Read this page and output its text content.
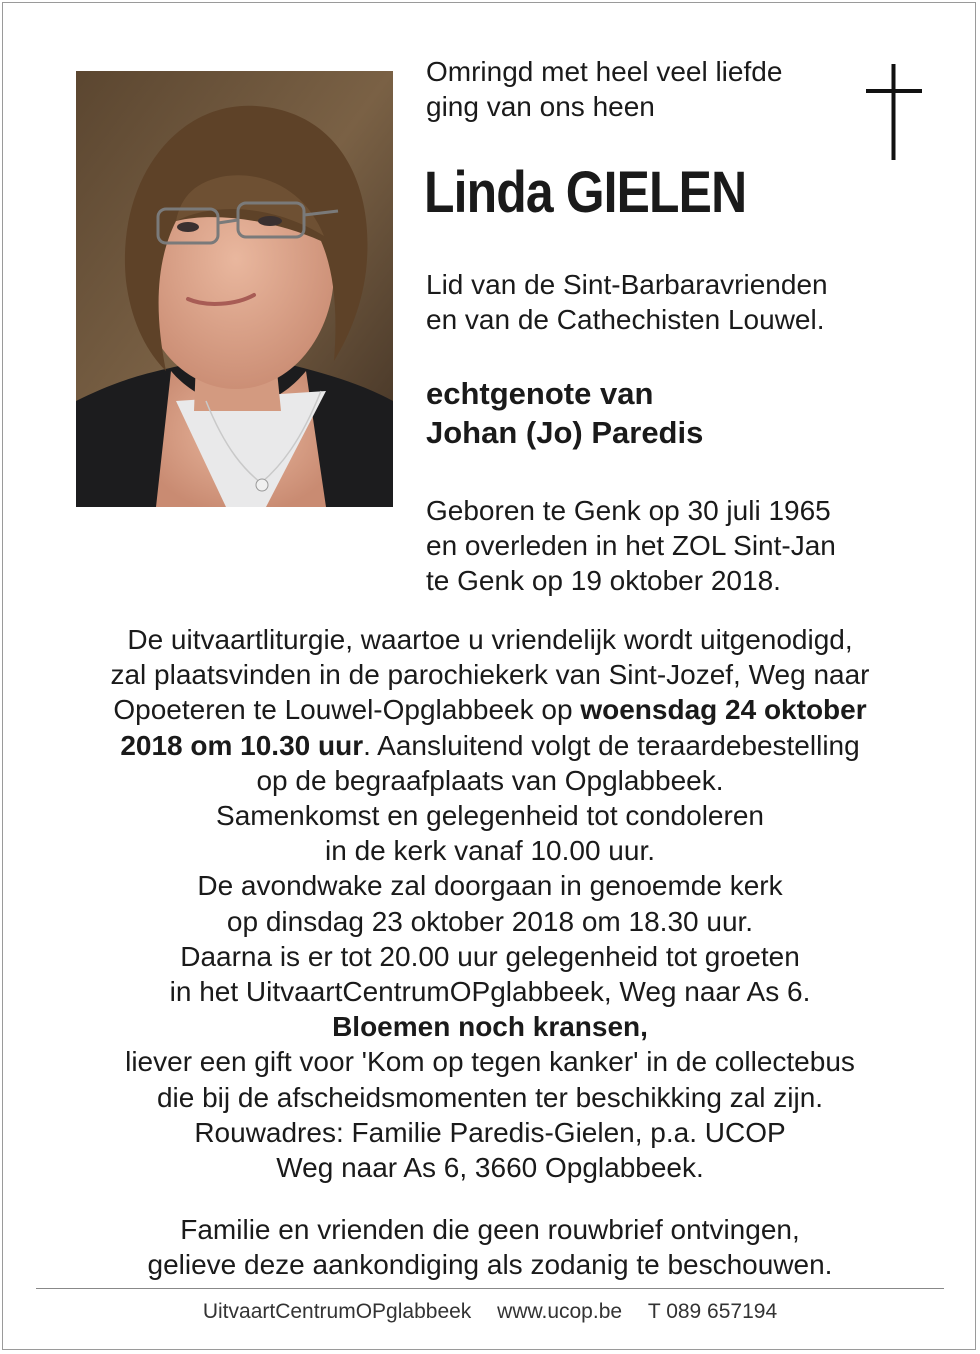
Omringd met heel veel liefde
ging van ons heen
Linda GIELEN
Lid van de Sint-Barbaravrienden
en van de Cathechisten Louwel.
echtgenote van
Johan (Jo) Paredis
Geboren te Genk op 30 juli 1965
en overleden in het ZOL Sint-Jan
te Genk op 19 oktober 2018.
De uitvaartliturgie, waartoe u vriendelijk wordt uitgenodigd,
zal plaatsvinden in de parochiekerk van Sint-Jozef, Weg naar
Opoeteren te Louwel-Opglabbeek op woensdag 24 oktober
2018 om 10.30 uur. Aansluitend volgt de teraardebestelling
op de begraafplaats van Opglabbeek.
Samenkomst en gelegenheid tot condoleren
in de kerk vanaf 10.00 uur.
De avondwake zal doorgaan in genoemde kerk
op dinsdag 23 oktober 2018 om 18.30 uur.
Daarna is er tot 20.00 uur gelegenheid tot groeten
in het UitvaartCentrumOPglabbeek, Weg naar As 6.
Bloemen noch kransen,
liever een gift voor 'Kom op tegen kanker' in de collectebus
die bij de afscheidsmomenten ter beschikking zal zijn.
Rouwadres: Familie Paredis-Gielen, p.a. UCOP
Weg naar As 6, 3660 Opglabbeek.
Familie en vrienden die geen rouwbrief ontvingen,
gelieve deze aankondiging als zodanig te beschouwen.
UitvaartCentrumOPglabbeek www.ucop.be T 089 657194
